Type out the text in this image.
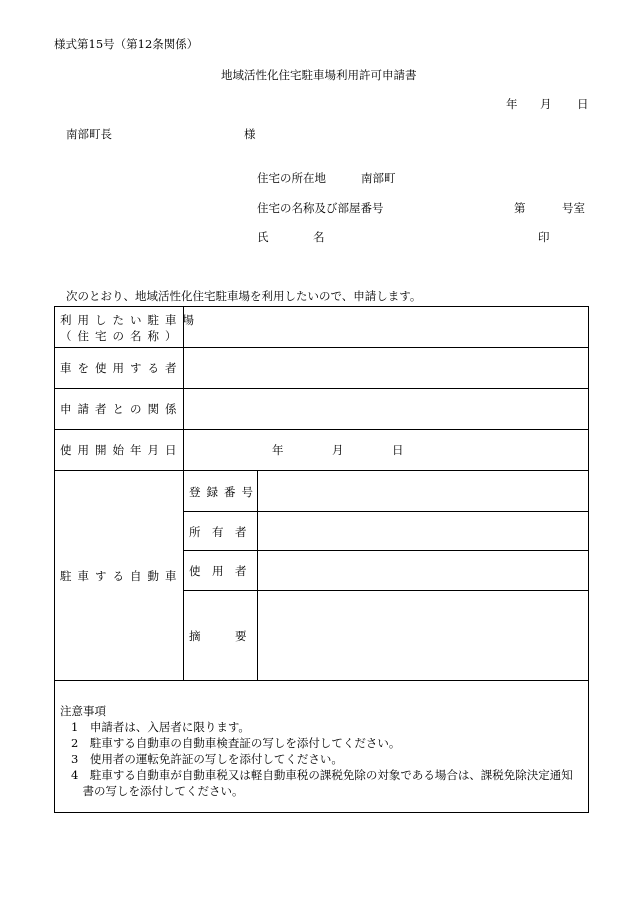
様式第15号（第12条関係）
地域活性化住宅駐車場利用許可申請書
年 月 日
南部町長	様
住宅の所在地	南部町
住宅の名称及び部屋番号	第	号室
氏	名	印
次のとおり、地域活性化住宅駐車場を利用したいので、申請します。
利用したい駐車場
（住宅の名称）
車を使用する者
申請者との関係
使用開始年月日	年	月	日
駐車する自動車
登録番号
所　有　者
使　用　者
摘　　　要
注意事項
1　申請者は、入居者に限ります。
2　駐車する自動車の自動車検査証の写しを添付してください。
3　使用者の運転免許証の写しを添付してください。
4　駐車する自動車が自動車税又は軽自動車税の課税免除の対象である場合は、課税免除決定通知
　書の写しを添付してください。
